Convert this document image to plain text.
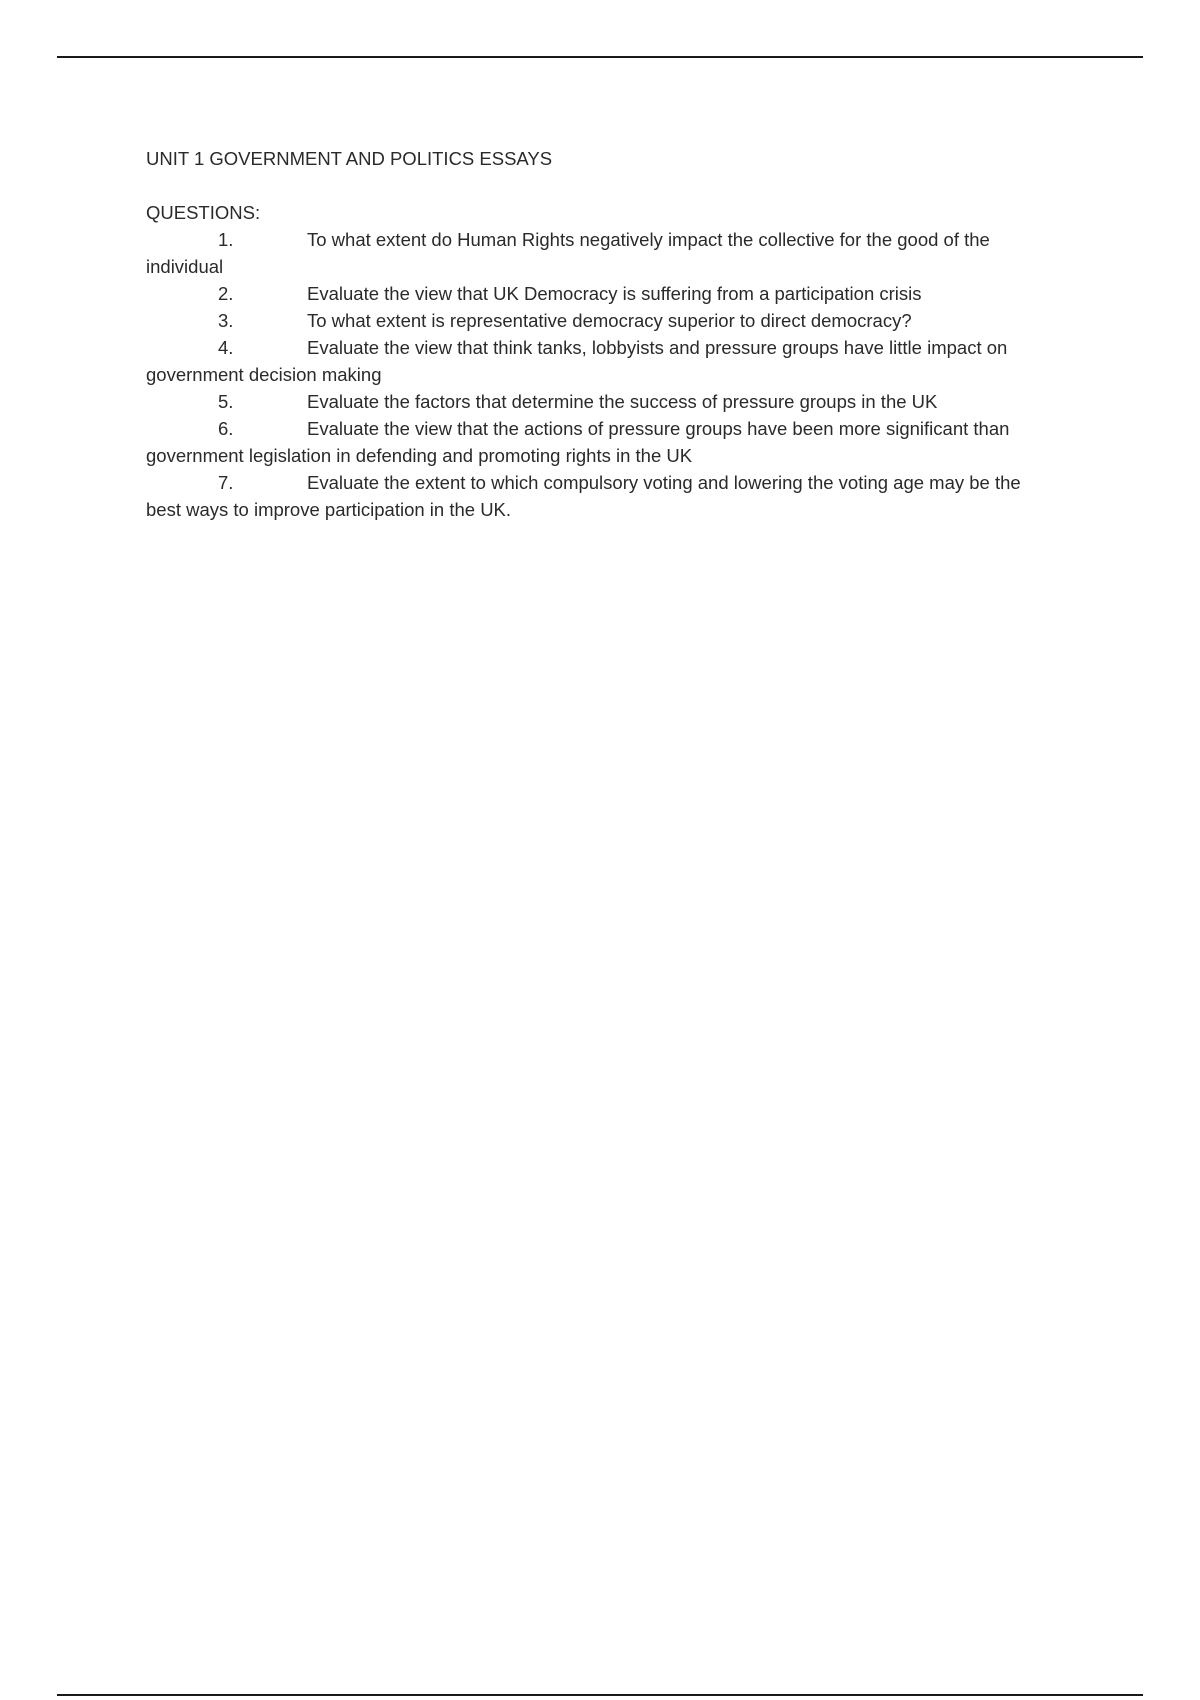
UNIT 1 GOVERNMENT AND POLITICS ESSAYS
QUESTIONS:
1.	To what extent do Human Rights negatively impact the collective for the good of the individual
2.	Evaluate the view that UK Democracy is suffering from a participation crisis
3.	To what extent is representative democracy superior to direct democracy?
4.	Evaluate the view that think tanks, lobbyists and pressure groups have little impact on government decision making
5.	Evaluate the factors that determine the success of pressure groups in the UK
6.	Evaluate the view that the actions of pressure groups have been more significant than government legislation in defending and promoting rights in the UK
7.	Evaluate the extent to which compulsory voting and lowering the voting age may be the best ways to improve participation in the UK.
